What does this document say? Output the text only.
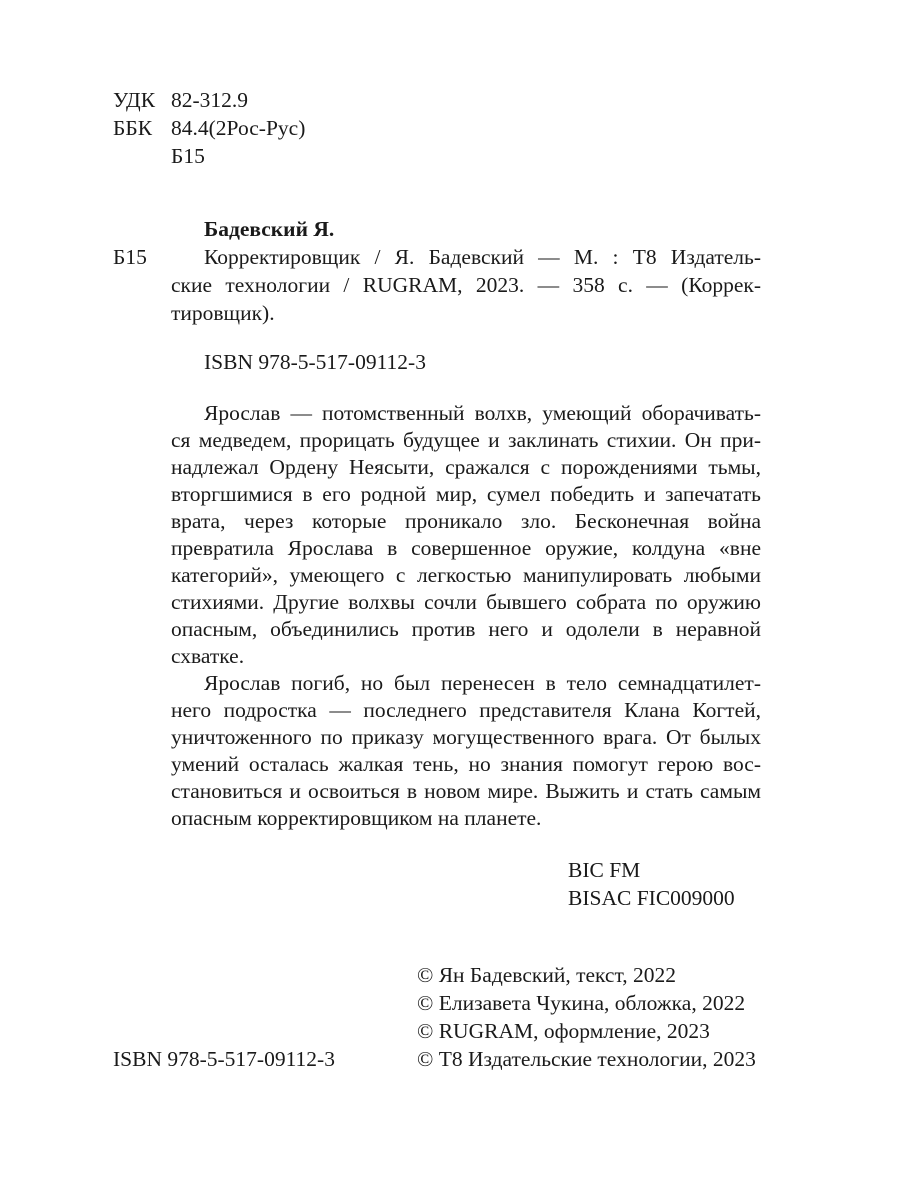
УДК 82-312.9
ББК 84.4(2Рос-Рус)
Б15
Бадевский Я.
Б15	Корректировщик / Я. Бадевский — М. : Т8 Издатель-
ские технологии / RUGRAM, 2023. — 358 с. — (Коррек-
тировщик).
ISBN 978-5-517-09112-3
Ярослав — потомственный волхв, умеющий оборачивать-
ся медведем, прорицать будущее и заклинать стихии. Он при-
надлежал Ордену Неясыти, сражался с порождениями тьмы,
вторгшимися в его родной мир, сумел победить и запечатать
врата, через которые проникало зло. Бесконечная война
превратила Ярослава в совершенное оружие, колдуна «вне
категорий», умеющего с легкостью манипулировать любыми
стихиями. Другие волхвы сочли бывшего собрата по оружию
опасным, объединились против него и одолели в неравной
схватке.
Ярослав погиб, но был перенесен в тело семнадцатилет-
него подростка — последнего представителя Клана Когтей,
уничтоженного по приказу могущественного врага. От былых
умений осталась жалкая тень, но знания помогут герою вос-
становиться и освоиться в новом мире. Выжить и стать самым
опасным корректировщиком на планете.
BIC FM
BISAC FIC009000
© Ян Бадевский, текст, 2022
© Елизавета Чукина, обложка, 2022
© RUGRAM, оформление, 2023
© Т8 Издательские технологии, 2023
ISBN 978-5-517-09112-3
